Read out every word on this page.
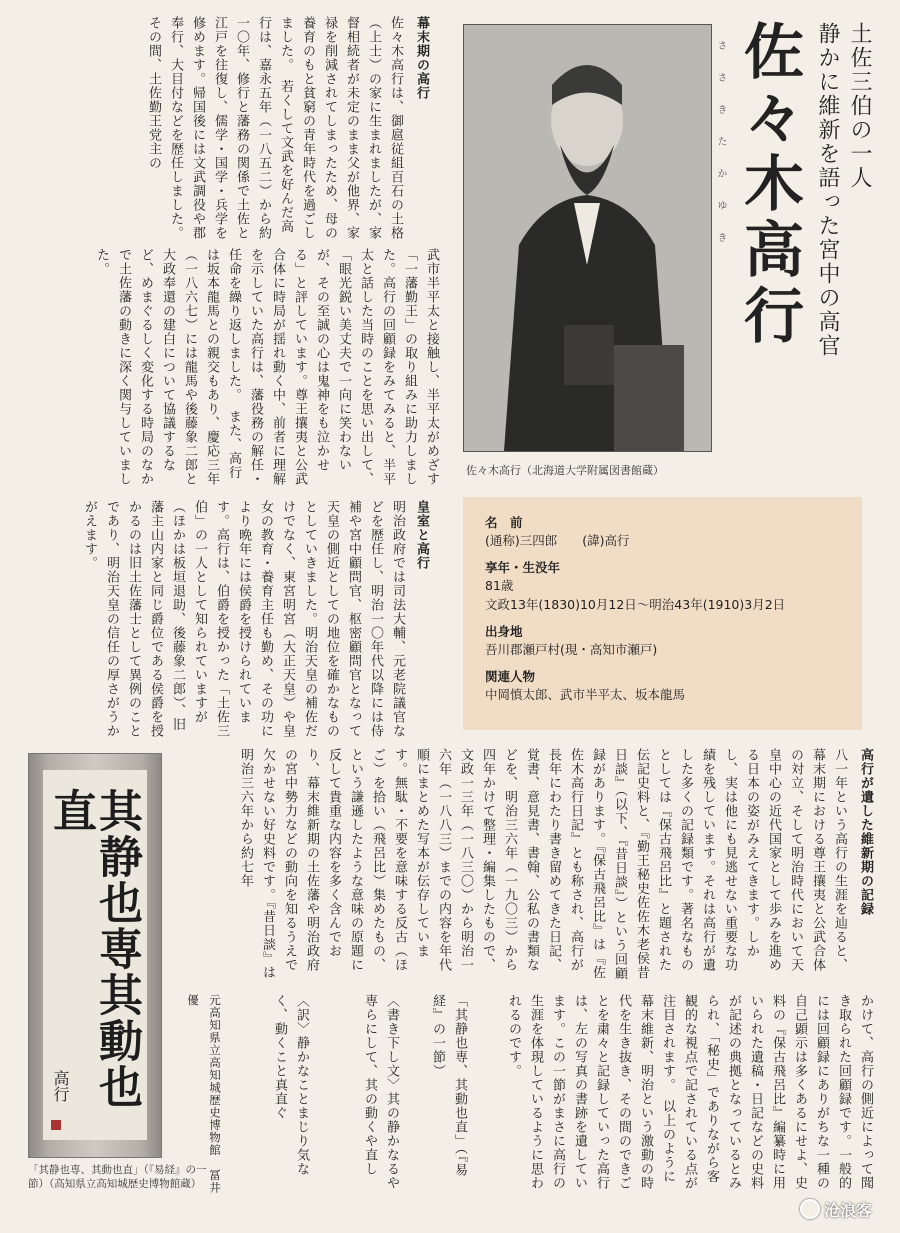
佐々木高行
ささきたかゆき	土佐三伯の一人
静かに維新を語った宮中の高官
佐々木高行（北海道大学附属図書館蔵）
幕末期の高行
佐々木高行は、御扈従組百石の土格（上士）の家に生まれましたが、家督相続者が未定のまま父が他界、家禄を削減されてしまったため、母の養育のもと貧窮の青年時代を過ごしました。　若くして文武を好んだ高行は、嘉永五年（一八五二）から約一〇年、修行と藩務の関係で土佐と江戸を往復し、儒学・国学・兵学を修めます。帰国後には文武調役や郡奉行、大目付などを歴任しました。　その間、土佐勤王党主の
武市半平太と接触し、半平太がめざす「一藩勤王」の取り組みに助力しました。高行の回顧録をみてみると、半平太と話した当時のことを思い出して、「眼光鋭い美丈夫で一向に笑わないが、その至誠の心は鬼神をも泣かせる」と評しています。尊王攘夷と公武合体に時局が揺れ動く中、前者に理解を示していた高行は、藩役務の解任・任命を繰り返しました。　また、高行は坂本龍馬との親交もあり、慶応三年（一八六七）には龍馬や後藤象二郎と大政奉還の建白について協議するなど、めまぐるしく変化する時局のなかで土佐藩の動きに深く関与していました。
皇室と高行
明治政府では司法大輔、元老院議官などを歴任し、明治一〇年代以降には侍補や宮中顧問官、枢密顧問官となって天皇の側近としての地位を確かなものとしていきました。明治天皇の補佐だけでなく、東宮明宮（大正天皇）や皇女の教育・養育主任も勤め、その功により晩年には侯爵を授けられています。高行は、伯爵を授かった「土佐三伯」の一人として知られていますが（ほかは板垣退助、後藤象二郎）、旧藩主山内家と同じ爵位である侯爵を授かるのは旧土佐藩士として異例のことであり、明治天皇の信任の厚さがうかがえます。	名　前
(通称)三四郎　　(諱)高行
享年・生没年
81歳
文政13年(1830)10月12日～明治43年(1910)3月2日
出身地
吾川郡瀬戸村(現・高知市瀬戸)
関連人物
中岡慎太郎、武市半平太、坂本龍馬
高行が遺した維新期の記録
八一年という高行の生涯を辿ると、幕末期における尊王攘夷と公武合体の対立、そして明治時代において天皇中心の近代国家として歩みを進める日本の姿がみえてきます。しかし、実は他にも見逃せない重要な功績を残しています。それは高行が遺した多くの記録類です。著名なものとしては『保古飛呂比』と題された伝記史料と、『勤王秘史佐佐木老侯昔日談』（以下、『昔日談』）という回顧録があります。『保古飛呂比』は『佐佐木高行日記』とも称され、高行が長年にわたり書き留めてきた日記、覚書、意見書、書翰、公私の書類などを、明治三六年（一九〇三）から四年かけて整理・編集したもので、文政一三年（一八三〇）から明治一六年（一八八三）までの内容を年代順にまとめた写本が伝存しています。無駄・不要を意味する反古（ほご）を拾い（飛呂比）集めたもの、という謙遜したような意味の原題に反して貴重な内容を多く含んでおり、幕末維新期の土佐藩や明治政府の宮中勢力などの動向を知るうえで欠かせない好史料です。『昔日談』は明治三六年から約七年
かけて、高行の側近によって聞き取られた回顧録です。一般的には回顧録にありがちな一種の自己顕示は多くあるにせよ、史料の『保古飛呂比』編纂時に用いられた遺稿・日記などの史料が記述の典拠となっているとみられ、「秘史」でありながら客観的な視点で記されている点が注目されます。　以上のように幕末維新、明治という激動の時代を生き抜き、その間のできごとを粛々と記録していった高行は、左の写真の書跡を遺しています。この一節がまさに高行の生涯を体現しているように思われるのです。
「其静也専、其動也直」（『易経』の一節）
〈書き下し文〉其の静かなるや専らにして、其の動くや直し
〈訳〉静かなことまじり気なく、動くこと真直ぐ
元高知県立高知城歴史博物館　冨井　優
其静也専其動也直
高行
「其静也専、其動也直」（『易経』の一節）（高知県立高知城歴史博物館蔵）
沧浪客
